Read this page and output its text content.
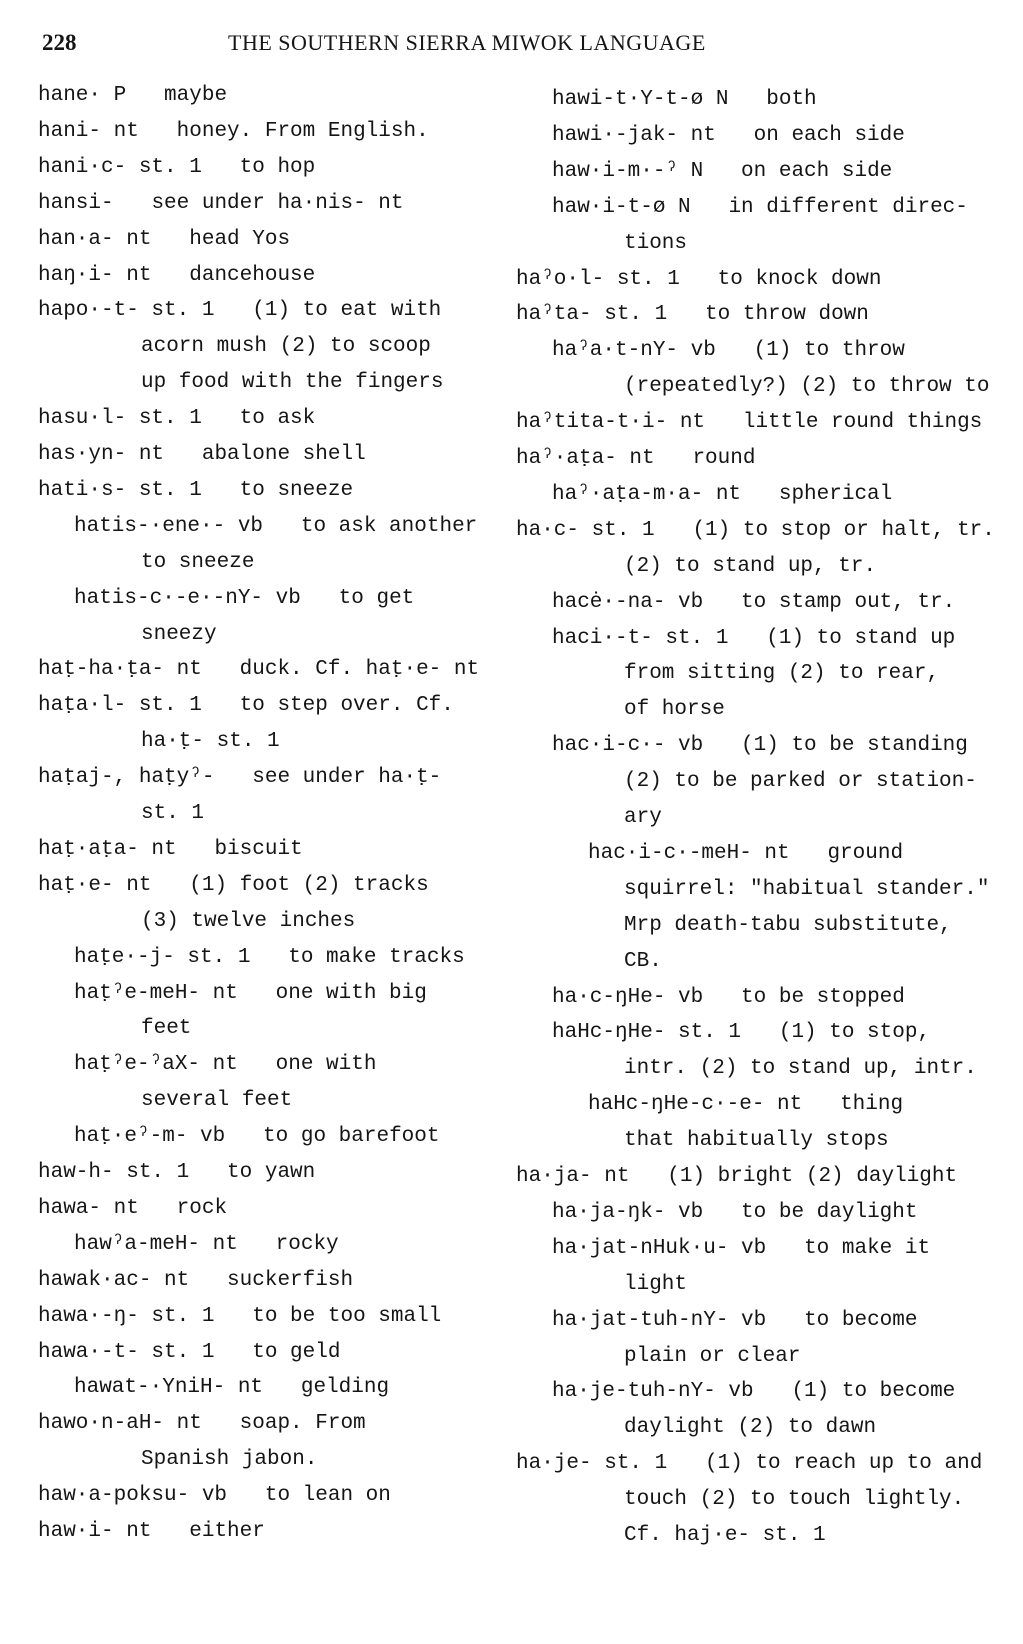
228	THE SOUTHERN SIERRA MIWOK LANGUAGE
hane· P maybe
hani- nt honey. From English.
hani·c- st. 1 to hop
hansi- see under ha·nis- nt
han·a- nt head Yos
haŋ·i- nt dancehouse
hapo·-t- st. 1 (1) to eat with
acorn mush (2) to scoop
up food with the fingers
hasu·l- st. 1 to ask
has·yn- nt abalone shell
hati·s- st. 1 to sneeze
hatis-·ene·- vb to ask another
to sneeze
hatis-c·-e·-nY- vb to get
sneezy
haṭ-ha·ṭa- nt duck. Cf. haṭ·e- nt
haṭa·l- st. 1 to step over. Cf.
ha·ṭ- st. 1
haṭaj-, haṭyˀ- see under ha·ṭ-
st. 1
haṭ·aṭa- nt biscuit
haṭ·e- nt (1) foot (2) tracks
(3) twelve inches
haṭe·-j- st. 1 to make tracks
haṭˀe-meH- nt one with big
feet
haṭˀe-ˀaX- nt one with
several feet
haṭ·eˀ-m- vb to go barefoot
haw-h- st. 1 to yawn
hawa- nt rock
hawˀa-meH- nt rocky
hawak·ac- nt suckerfish
hawa·-ŋ- st. 1 to be too small
hawa·-t- st. 1 to geld
hawat-·YniH- nt gelding
hawo·n-aH- nt soap. From
Spanish jabon.
haw·a-poksu- vb to lean on
haw·i- nt either
hawi-t·Y-t-ø N both
hawi·-jak- nt on each side
haw·i-m·-ˀ N on each side
haw·i-t-ø N in different direc-
tions
haˀo·l- st. 1 to knock down
haˀta- st. 1 to throw down
haˀa·t-nY- vb (1) to throw
(repeatedly?) (2) to throw to
haˀtita-t·i- nt little round things
haˀ·aṭa- nt round
haˀ·aṭa-m·a- nt spherical
ha·c- st. 1 (1) to stop or halt, tr.
(2) to stand up, tr.
hacė·-na- vb to stamp out, tr.
haci·-t- st. 1 (1) to stand up
from sitting (2) to rear,
of horse
hac·i-c·- vb (1) to be standing
(2) to be parked or station-
ary
hac·i-c·-meH- nt ground
squirrel: "habitual stander."
Mrp death-tabu substitute,
CB.
ha·c-ŋHe- vb to be stopped
haHc-ŋHe- st. 1 (1) to stop,
intr. (2) to stand up, intr.
haHc-ŋHe-c·-e- nt thing
that habitually stops
ha·ja- nt (1) bright (2) daylight
ha·ja-ŋk- vb to be daylight
ha·jat-nHuk·u- vb to make it
light
ha·jat-tuh-nY- vb to become
plain or clear
ha·je-tuh-nY- vb (1) to become
daylight (2) to dawn
ha·je- st. 1 (1) to reach up to and
touch (2) to touch lightly.
Cf. haj·e- st. 1
